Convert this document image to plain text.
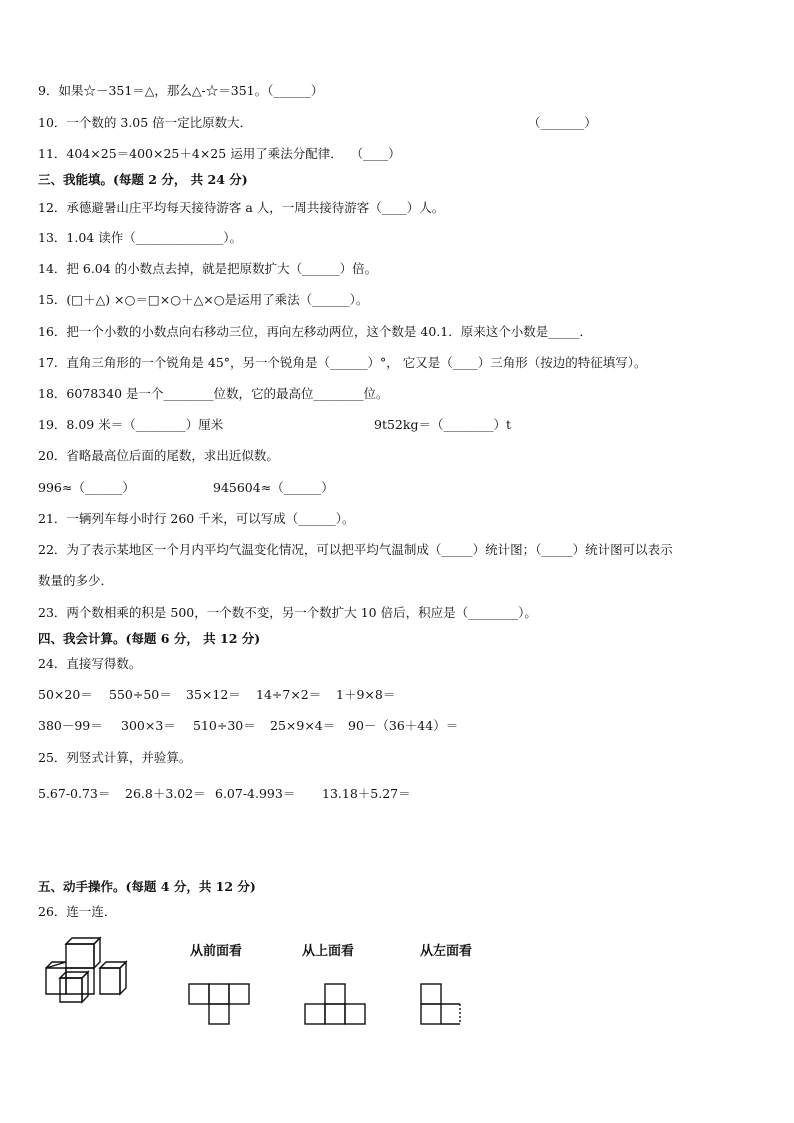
9．如果☆－351＝△，那么△-☆＝351。（______）
10．一个数的 3.05 倍一定比原数大．	（_______）
11．404×25＝400×25＋4×25 运用了乘法分配律．  （____）
三、我能填。(每题 2 分， 共 24 分)
12．承德避暑山庄平均每天接待游客 a 人，一周共接待游客（____）人。
13．1.04 读作（______________）。
14．把 6.04 的小数点去掉，就是把原数扩大（______）倍。
15．(□＋△) ×○＝□×○＋△×○是运用了乘法（______）。
16．把一个小数的小数点向右移动三位，再向左移动两位，这个数是 40.1．原来这个小数是_____．
17．直角三角形的一个锐角是 45°，另一个锐角是（______）°， 它又是（____）三角形（按边的特征填写）。
18．6078340 是一个________位数，它的最高位________位。
19．8.09 米＝（________）厘米	9t52kg＝（________）t
20．省略最高位后面的尾数，求出近似数。
996≈（______）	945604≈（______）
21．一辆列车每小时行 260 千米，可以写成（______）。
22．为了表示某地区一个月内平均气温变化情况，可以把平均气温制成（_____）统计图；（_____）统计图可以表示
数量的多少．
23．两个数相乘的积是 500，一个数不变，另一个数扩大 10 倍后，积应是（________）。
四、我会计算。(每题 6 分， 共 12 分)
24．直接写得数。
50×20＝ 550÷50＝ 35×12＝ 14÷7×2＝ 1＋9×8＝
380－99＝ 300×3＝ 510÷30＝ 25×9×4＝ 90－（36＋44）＝
25．列竖式计算，并验算。
5.67-0.73＝ 26.8＋3.02＝ 6.07-4.993＝ 13.18＋5.27＝
五、动手操作。(每题 4 分，共 12 分)
26．连一连．
从前面看	从上面看	从左面看
